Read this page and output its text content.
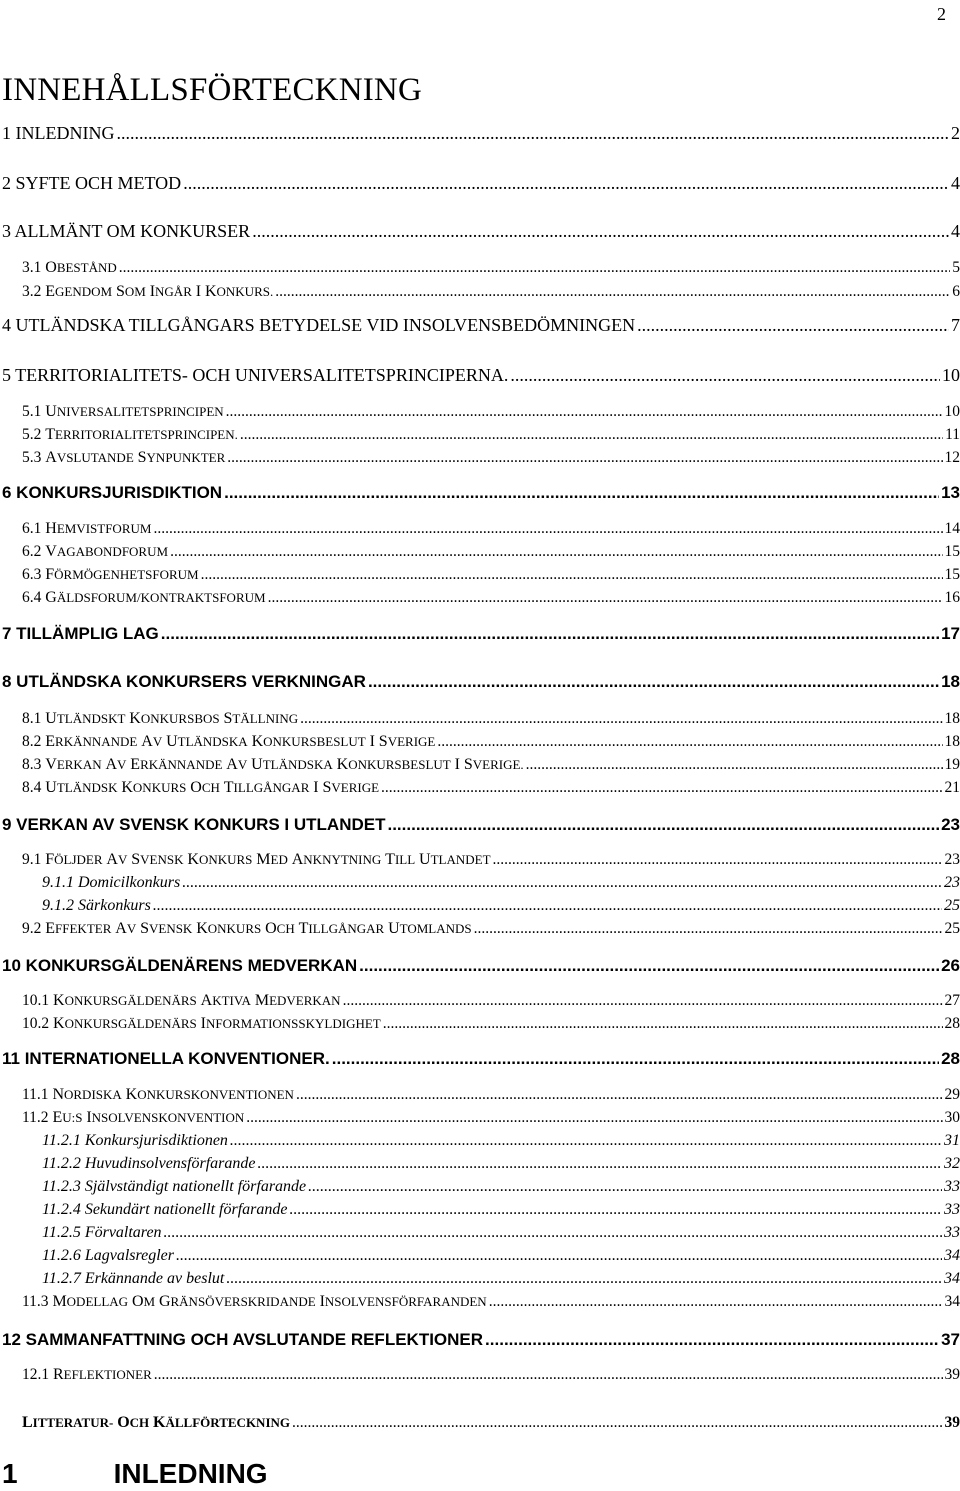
2
INNEHÅLLSFÖRTECKNING
1 INLEDNING .....	2
2 SYFTE OCH METOD .....	4
3 ALLMÄNT OM KONKURSER .....	4
3.1 OBESTÅND .....	5
3.2 EGENDOM SOM INGÅR I KONKURS. .....	6
4 UTLÄNDSKA TILLGÅNGARS BETYDELSE VID INSOLVENSBEDÖMNINGEN .....	7
5 TERRITORIALITETS- OCH UNIVERSALITETSPRINCIPERNA. .....	10
5.1 UNIVERSALITETSPRINCIPEN .....	10
5.2 TERRITORIALITETSPRINCIPEN. .....	11
5.3 AVSLUTANDE SYNPUNKTER .....	12
6 KONKURSJURISDIKTION .....	13
6.1 HEMVISTFORUM .....	14
6.2 VAGABONDFORUM .....	15
6.3 FÖRMÖGENHETSFORUM .....	15
6.4 GÄLDSFORUM/KONTRAKTSFORUM .....	16
7 TILLÄMPLIG LAG .....	17
8 UTLÄNDSKA KONKURSERS VERKNINGAR .....	18
8.1 UTLÄNDSKT KONKURSBOS STÄLLNING .....	18
8.2 ERKÄNNANDE AV UTLÄNDSKA KONKURSBESLUT I SVERIGE .....	18
8.3 VERKAN AV ERKÄNNANDE AV UTLÄNDSKA KONKURSBESLUT I SVERIGE. .....	19
8.4 UTLÄNDSK KONKURS OCH TILLGÅNGAR I SVERIGE .....	21
9 VERKAN AV SVENSK KONKURS I UTLANDET .....	23
9.1 FÖLJDER AV SVENSK KONKURS MED ANKNYTNING TILL UTLANDET .....	23
9.1.1 Domicilkonkurs .....	23
9.1.2 Särkonkurs .....	25
9.2 EFFEKTER AV SVENSK KONKURS OCH TILLGÅNGAR UTOMLANDS .....	25
10 KONKURSGÄLDENÄRENS MEDVERKAN .....	26
10.1 KONKURSGÄLDENÄRS AKTIVA MEDVERKAN .....	27
10.2 KONKURSGÄLDENÄRS INFORMATIONSSKYLDIGHET .....	28
11 INTERNATIONELLA KONVENTIONER. .....	28
11.1 NORDISKA KONKURSKONVENTIONEN .....	29
11.2 EU:S INSOLVENSKONVENTION .....	30
11.2.1 Konkursjurisdiktionen .....	31
11.2.2 Huvudinsolvensförfarande .....	32
11.2.3 Självständigt nationellt förfarande .....	33
11.2.4 Sekundärt nationellt förfarande .....	33
11.2.5 Förvaltaren .....	33
11.2.6 Lagvalsregler .....	34
11.2.7 Erkännande av beslut .....	34
11.3 MODELLAG OM GRÄNSÖVERSKRIDANDE INSOLVENSFÖRFARANDEN .....	34
12 SAMMANFATTNING OCH AVSLUTANDE REFLEKTIONER .....	37
12.1 REFLEKTIONER .....	39
LITTERATUR- OCH KÄLLFÖRTECKNING .....	39
1	INLEDNING
